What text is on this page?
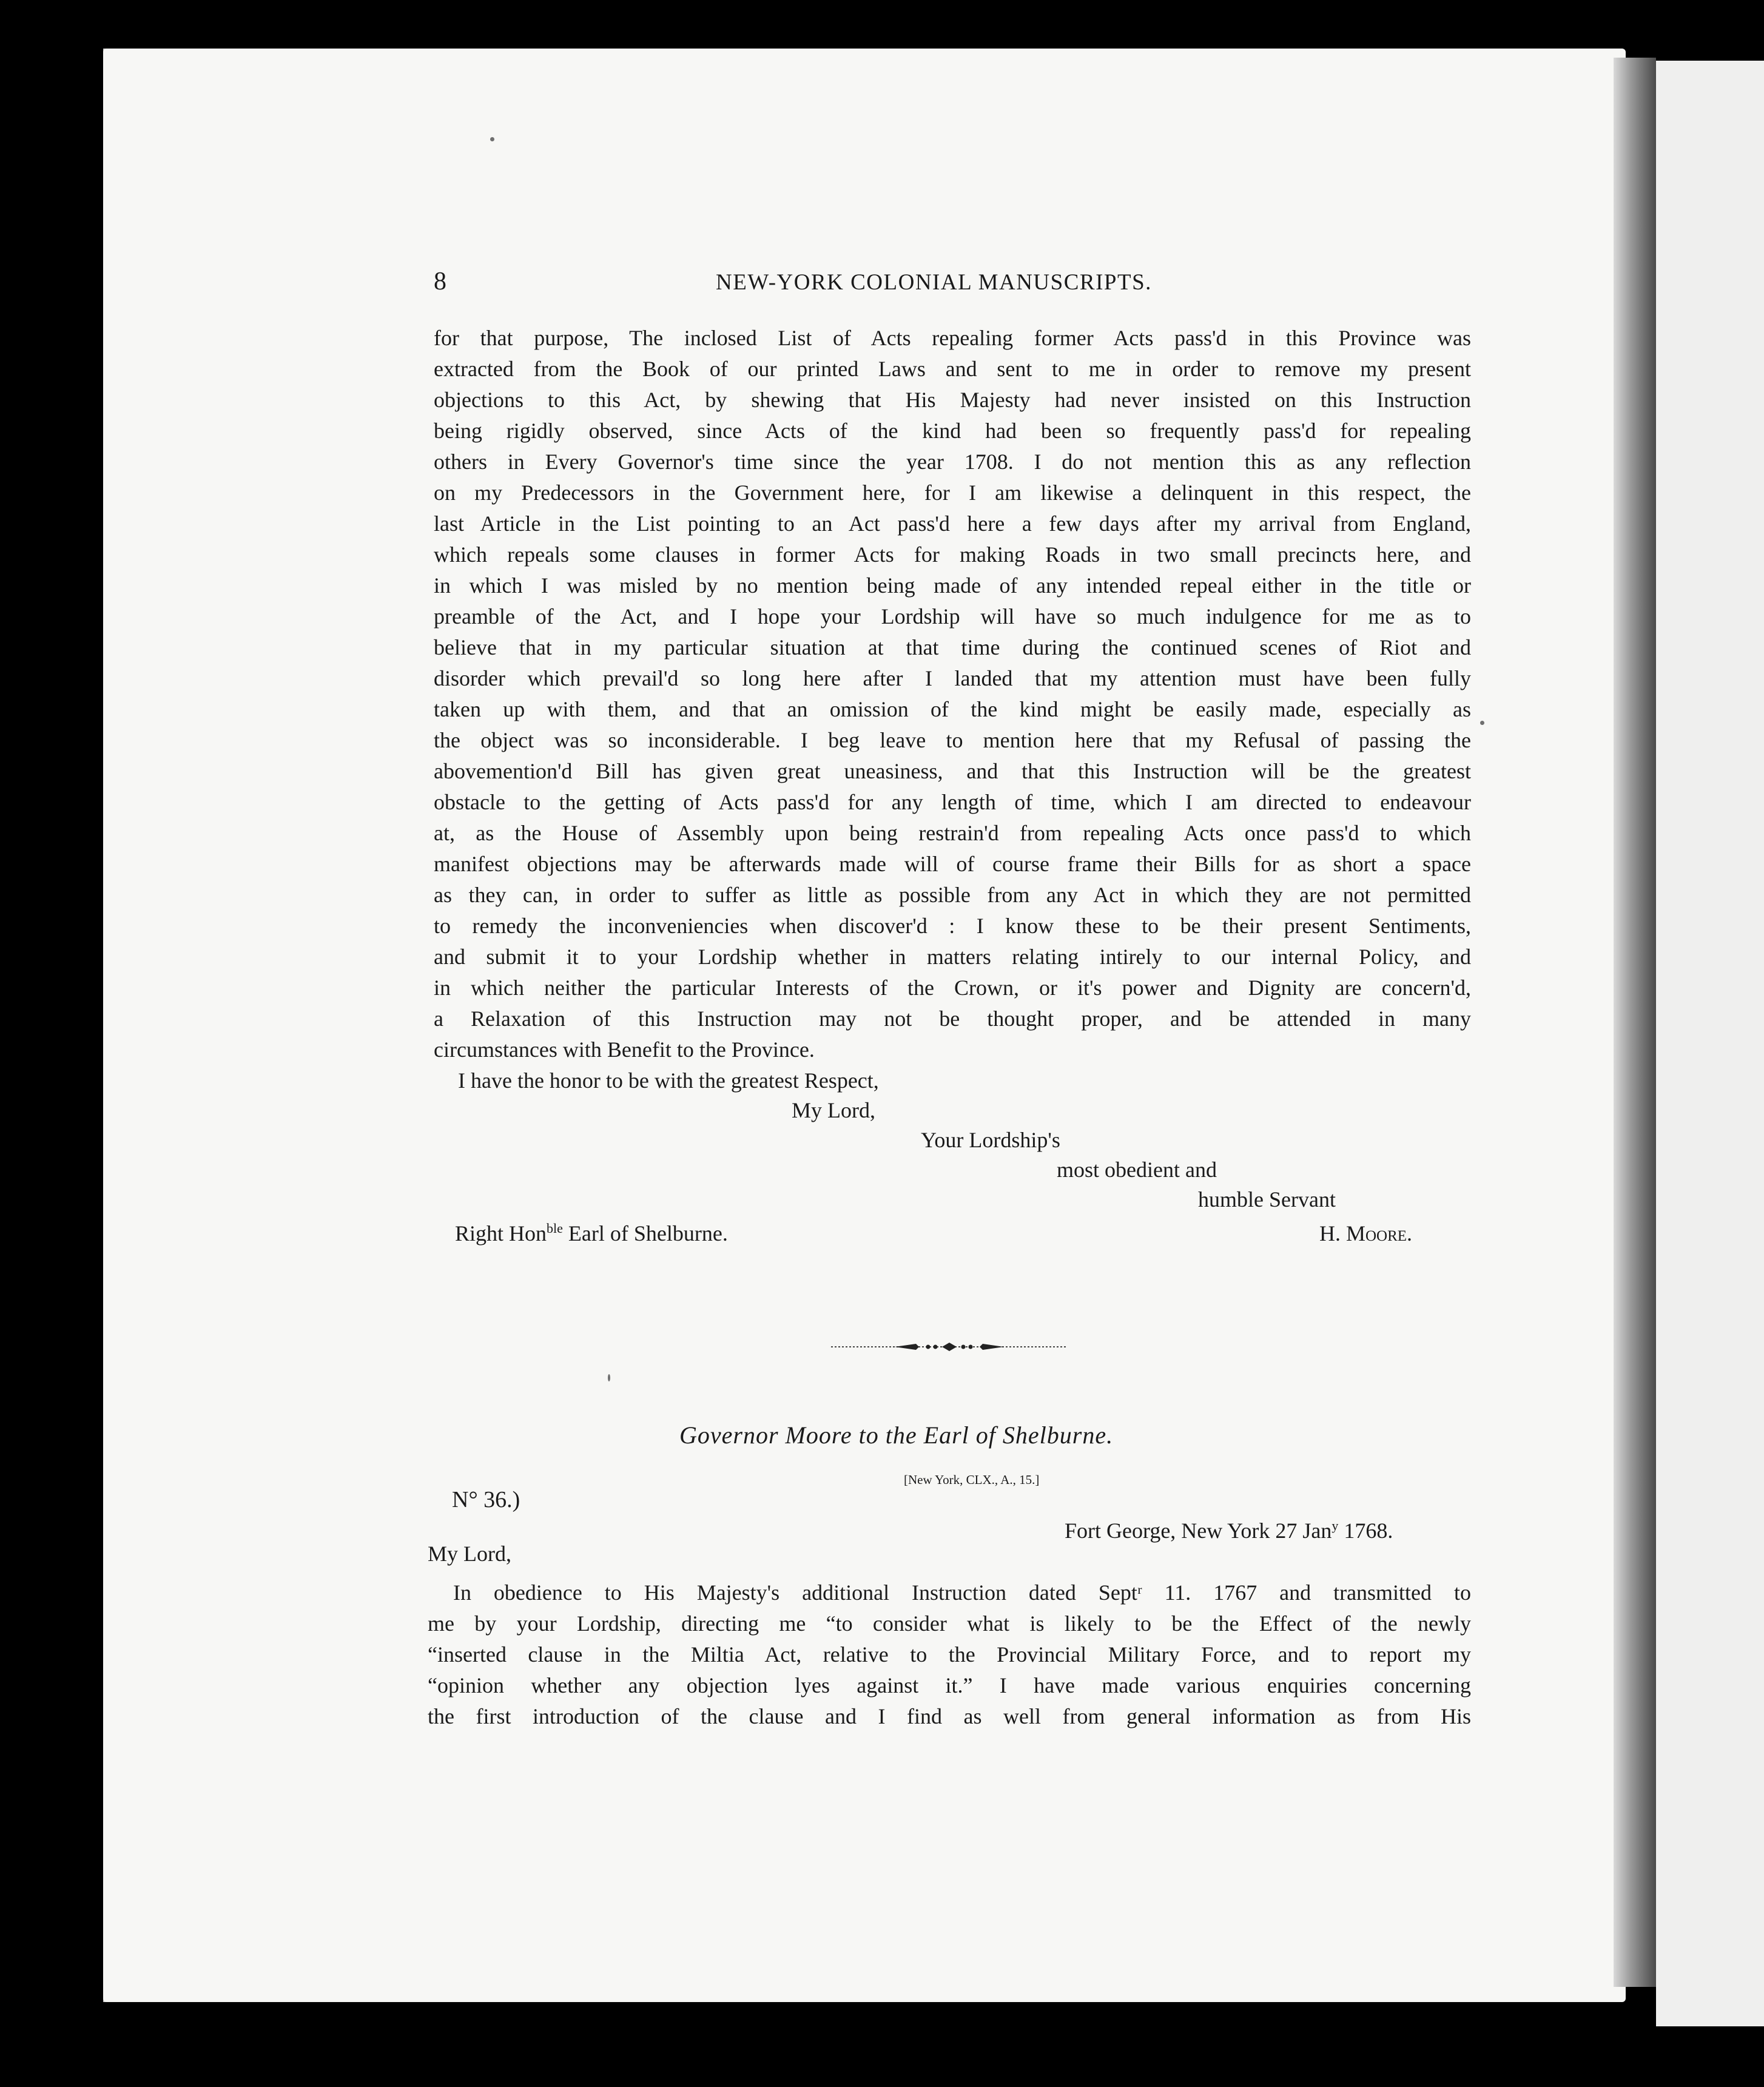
8	NEW-YORK COLONIAL MANUSCRIPTS.
for that purpose, The inclosed List of Acts repealing former Acts pass'd in this Province was
extracted from the Book of our printed Laws and sent to me in order to remove my present
objections to this Act, by shewing that His Majesty had never insisted on this Instruction
being rigidly observed, since Acts of the kind had been so frequently pass'd for repealing
others in Every Governor's time since the year 1708. I do not mention this as any reflection
on my Predecessors in the Government here, for I am likewise a delinquent in this respect, the
last Article in the List pointing to an Act pass'd here a few days after my arrival from England,
which repeals some clauses in former Acts for making Roads in two small precincts here, and
in which I was misled by no mention being made of any intended repeal either in the title or
preamble of the Act, and I hope your Lordship will have so much indulgence for me as to
believe that in my particular situation at that time during the continued scenes of Riot and
disorder which prevail'd so long here after I landed that my attention must have been fully
taken up with them, and that an omission of the kind might be easily made, especially as
the object was so inconsiderable. I beg leave to mention here that my Refusal of passing the
abovemention'd Bill has given great uneasiness, and that this Instruction will be the greatest
obstacle to the getting of Acts pass'd for any length of time, which I am directed to endeavour
at, as the House of Assembly upon being restrain'd from repealing Acts once pass'd to which
manifest objections may be afterwards made will of course frame their Bills for as short a space
as they can, in order to suffer as little as possible from any Act in which they are not permitted
to remedy the inconveniencies when discover'd : I know these to be their present Sentiments,
and submit it to your Lordship whether in matters relating intirely to our internal Policy, and
in which neither the particular Interests of the Crown, or it's power and Dignity are concern'd,
a Relaxation of this Instruction may not be thought proper, and be attended in many
circumstances with Benefit to the Province.
I have the honor to be with the greatest Respect,
My Lord,
Your Lordship's
most obedient and
humble Servant
Right Hon$^{ble}$ Earl of Shelburne.	H. Moore.
Governor Moore to the Earl of Shelburne.
[New York, CLX., A., 15.]
N° 36.)
Fort George, New York 27 Jan$^y$ 1768.
My Lord,
In obedience to His Majesty's additional Instruction dated Septʳ 11. 1767 and transmitted to
me by your Lordship, directing me “to consider what is likely to be the Effect of the newly
“inserted clause in the Miltia Act, relative to the Provincial Military Force, and to report my
“opinion whether any objection lyes against it.” I have made various enquiries concerning
the first introduction of the clause and I find as well from general information as from His
